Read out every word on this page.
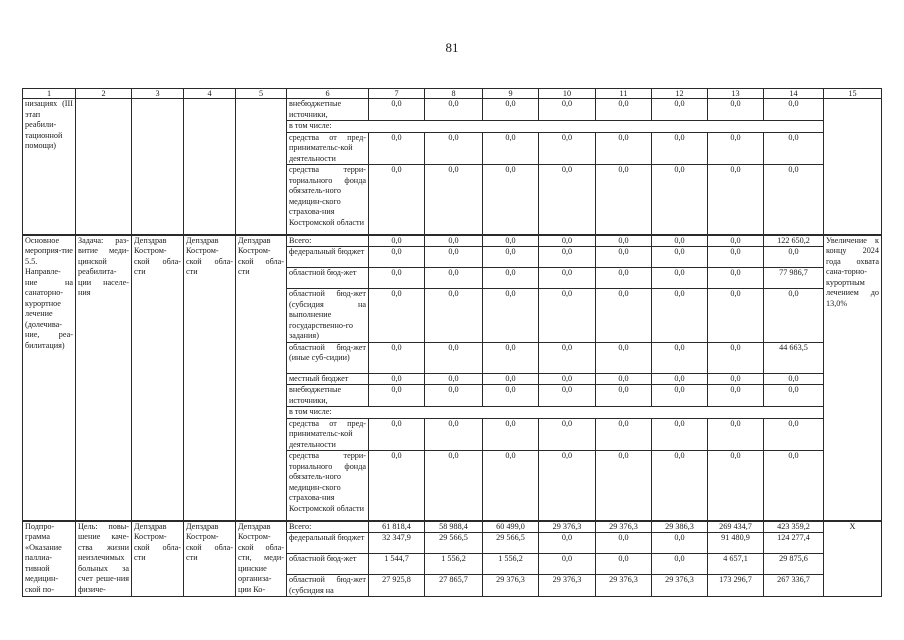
81
1	2	3	4	5	6	7	8	9	10	11	12	13	14	15
низациях (III этап реабили-тационной помощи)					внебюджетные источники,	0,0	0,0	0,0	0,0	0,0	0,0	0,0	0,0	
					в том числе:									
					средства от пред-принимательс-кой деятельности	0,0	0,0	0,0	0,0	0,0	0,0	0,0	0,0	
					средства терри-ториального фонда обязатель-ного медицин-ского страхова-ния Костромской области	0,0	0,0	0,0	0,0	0,0	0,0	0,0	0,0	
Основное мероприя-тие 5.5. Направле-ние на санаторно-курортное лечение (долечива-ние, реа-билитация)	Задача: раз-витие меди-цинской реабилита-ции населе-ния	Депздрав Костром-ской обла-сти	Депздрав Костром-ской обла-сти	Депздрав Костром-ской обла-сти	Всего:	0,0	0,0	0,0	0,0	0,0	0,0	0,0	122 650,2	Увеличение к концу 2024 года охвата сана-торно-курортным лечением до 13,0%
					федеральный бюджет	0,0	0,0	0,0	0,0	0,0	0,0	0,0	0,0	
					областной бюд-жет	0,0	0,0	0,0	0,0	0,0	0,0	0,0	77 986,7	
					областной бюд-жет (субсидия на выполнение государственно-го задания)	0,0	0,0	0,0	0,0	0,0	0,0	0,0	0,0	
					областной бюд-жет (иные суб-сидии)	0,0	0,0	0,0	0,0	0,0	0,0	0,0	44 663,5	
					местный бюджет	0,0	0,0	0,0	0,0	0,0	0,0	0,0	0,0	
					внебюджетные источники,	0,0	0,0	0,0	0,0	0,0	0,0	0,0	0,0	
					в том числе:									
					средства от пред-принимательс-кой деятельности	0,0	0,0	0,0	0,0	0,0	0,0	0,0	0,0	
					средства терри-ториального фонда обязатель-ного медицин-ского страхова-ния Костромской области	0,0	0,0	0,0	0,0	0,0	0,0	0,0	0,0	
Подпро-грамма «Оказание паллиа-тивной медицин-ской по-	Цель: повы-шение каче-ства жизни неизлечимых больных за счет реше-ния физиче-	Депздрав Костром-ской обла-сти	Депздрав Костром-ской обла-сти	Депздрав Костром-ской обла-сти, меди-цинские организа-ции Ко-	Всего:	61 818,4	58 988,4	60 499,0	29 376,3	29 376,3	29 386,3	269 434,7	423 359,2	X
					федеральный бюджет	32 347,9	29 566,5	29 566,5	0,0	0,0	0,0	91 480,9	124 277,4	
					областной бюд-жет	1 544,7	1 556,2	1 556,2	0,0	0,0	0,0	4 657,1	29 875,6	
					областной бюд-жет (субсидия на	27 925,8	27 865,7	29 376,3	29 376,3	29 376,3	29 376,3	173 296,7	267 336,7	
